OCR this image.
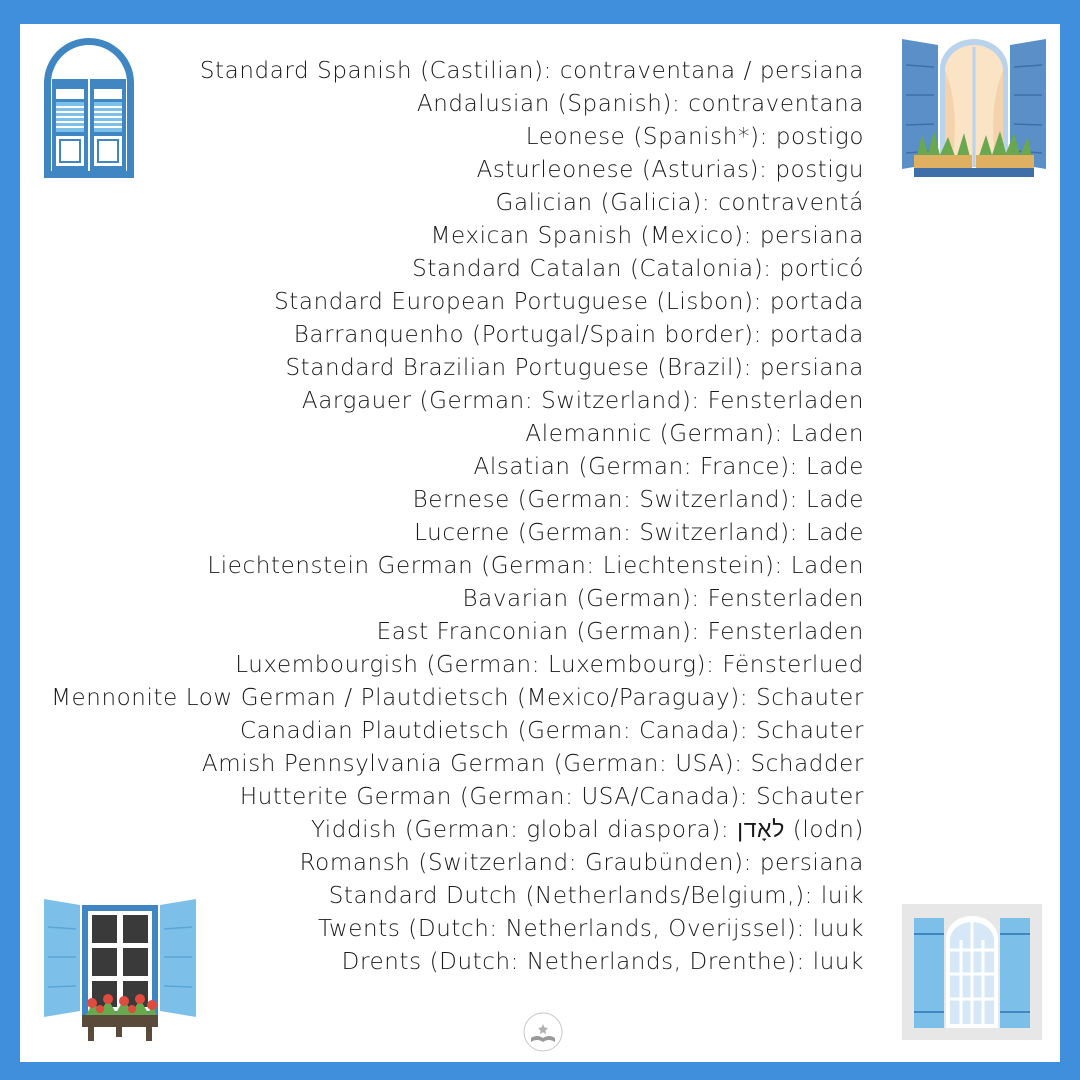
Standard Spanish (Castilian): contraventana / persiana
Andalusian (Spanish): contraventana
Leonese (Spanish*): postigo
Asturleonese (Asturias): postigu
Galician (Galicia): contraventá
Mexican Spanish (Mexico): persiana
Standard Catalan (Catalonia): porticó
Standard European Portuguese (Lisbon): portada
Barranquenho (Portugal/Spain border): portada
Standard Brazilian Portuguese (Brazil): persiana
Aargauer (German: Switzerland): Fensterladen
Alemannic (German): Laden
Alsatian (German: France): Lade
Bernese (German: Switzerland): Lade
Lucerne (German: Switzerland): Lade
Liechtenstein German (German: Liechtenstein): Laden
Bavarian (German): Fensterladen
East Franconian (German): Fensterladen
Luxembourgish (German: Luxembourg): Fënsterlued
Mennonite Low German / Plautdietsch (Mexico/Paraguay): Schauter
Canadian Plautdietsch (German: Canada): Schauter
Amish Pennsylvania German (German: USA): Schadder
Hutterite German (German: USA/Canada): Schauter
Yiddish (German: global diaspora): לאָדן (lodn)
Romansh (Switzerland: Graubünden): persiana
Standard Dutch (Netherlands/Belgium,): luik
Twents (Dutch: Netherlands, Overijssel): luuk
Drents (Dutch: Netherlands, Drenthe): luuk
